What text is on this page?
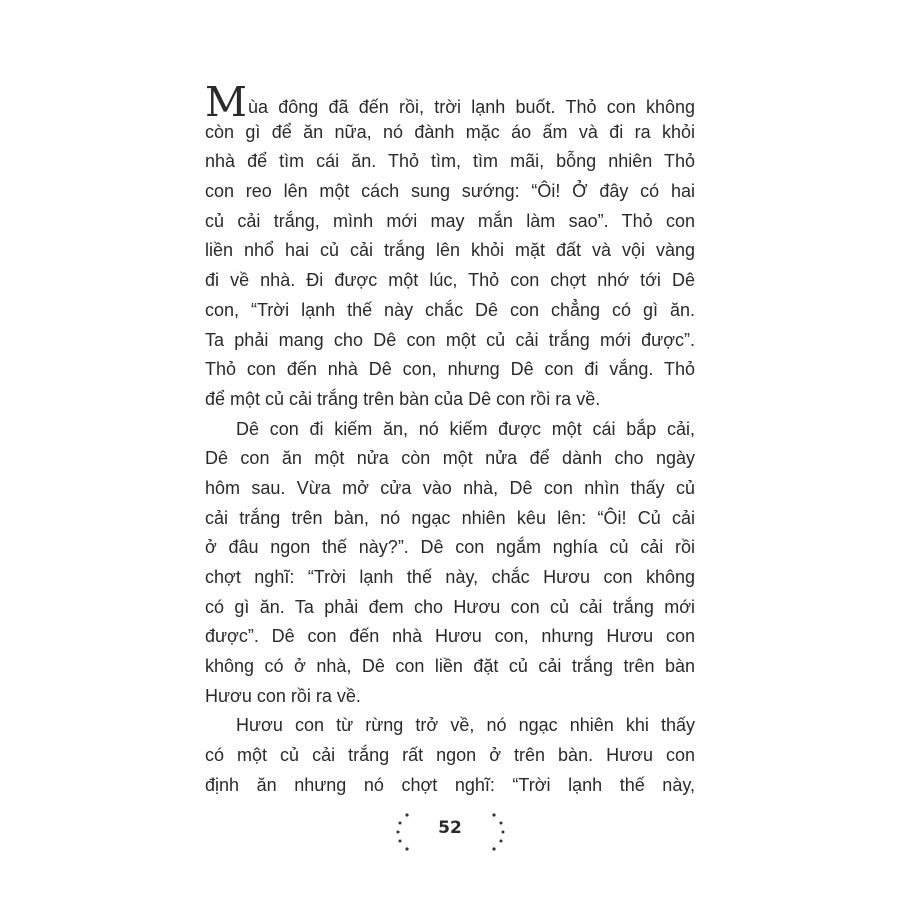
Mùa đông đã đến rồi, trời lạnh buốt. Thỏ con không
còn gì để ăn nữa, nó đành mặc áo ấm và đi ra khỏi
nhà để tìm cái ăn. Thỏ tìm, tìm mãi, bỗng nhiên Thỏ
con reo lên một cách sung sướng: “Ôi! Ở đây có hai
củ cải trắng, mình mới may mắn làm sao”. Thỏ con
liền nhổ hai củ cải trắng lên khỏi mặt đất và vội vàng
đi về nhà. Đi được một lúc, Thỏ con chợt nhớ tới Dê
con, “Trời lạnh thế này chắc Dê con chẳng có gì ăn.
Ta phải mang cho Dê con một củ cải trắng mới được”.
Thỏ con đến nhà Dê con, nhưng Dê con đi vắng. Thỏ
để một củ cải trắng trên bàn của Dê con rồi ra về.
Dê con đi kiếm ăn, nó kiếm được một cái bắp cải,
Dê con ăn một nửa còn một nửa để dành cho ngày
hôm sau. Vừa mở cửa vào nhà, Dê con nhìn thấy củ
cải trắng trên bàn, nó ngạc nhiên kêu lên: “Ôi! Củ cải
ở đâu ngon thế này?”. Dê con ngắm nghía củ cải rồi
chợt nghĩ: “Trời lạnh thế này, chắc Hươu con không
có gì ăn. Ta phải đem cho Hươu con củ cải trắng mới
được”. Dê con đến nhà Hươu con, nhưng Hươu con
không có ở nhà, Dê con liền đặt củ cải trắng trên bàn
Hươu con rồi ra về.
Hươu con từ rừng trở về, nó ngạc nhiên khi thấy
có một củ cải trắng rất ngon ở trên bàn. Hươu con
định ăn nhưng nó chợt nghĩ: “Trời lạnh thế này,
52
